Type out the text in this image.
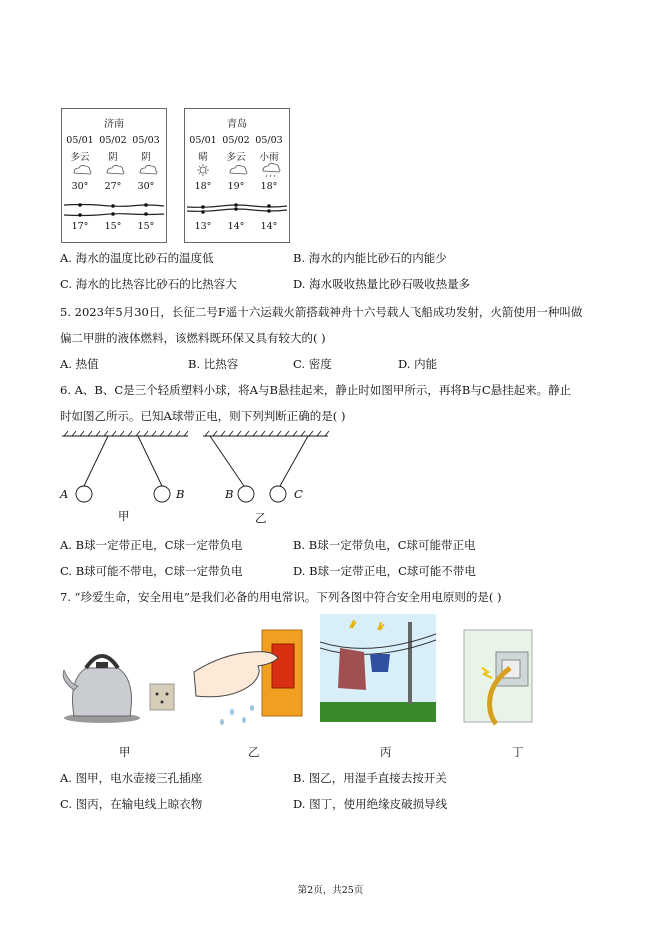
济南
05/01 05/02 05/03
多云	阴	阴
30°	27°	30°
17°	15°	15°
青岛
05/01 05/02 05/03
晴	多云	小雨
18°	19°	18°
13°	14°	14°
A. 海水的温度比砂石的温度低	B. 海水的内能比砂石的内能少
C. 海水的比热容比砂石的比热容大	D. 海水吸收热量比砂石吸收热量多
5. 2023年5月30日，长征二号F遥十六运载火箭搭载神舟十六号载人飞船成功发射，火箭使用一种叫做
偏二甲肼的液体燃料，该燃料既环保又具有较大的( )
A. 热值	B. 比热容	C. 密度	D. 内能
6. A、B、C是三个轻质塑料小球，将A与B悬挂起来，静止时如图甲所示，再将B与C悬挂起来。静止
时如图乙所示。已知A球带正电，则下列判断正确的是( )
A	B	B	C
甲	乙
A. B球一定带正电，C球一定带负电	B. B球一定带负电，C球可能带正电
C. B球可能不带电，C球一定带负电	D. B球一定带正电，C球可能不带电
7. “珍爱生命，安全用电”是我们必备的用电常识。下列各图中符合安全用电原则的是( )
甲	乙	丙	丁
A. 图甲，电水壶接三孔插座	B. 图乙，用湿手直接去按开关
C. 图丙，在输电线上晾衣物	D. 图丁，使用绝缘皮破损导线
第2页，共25页
